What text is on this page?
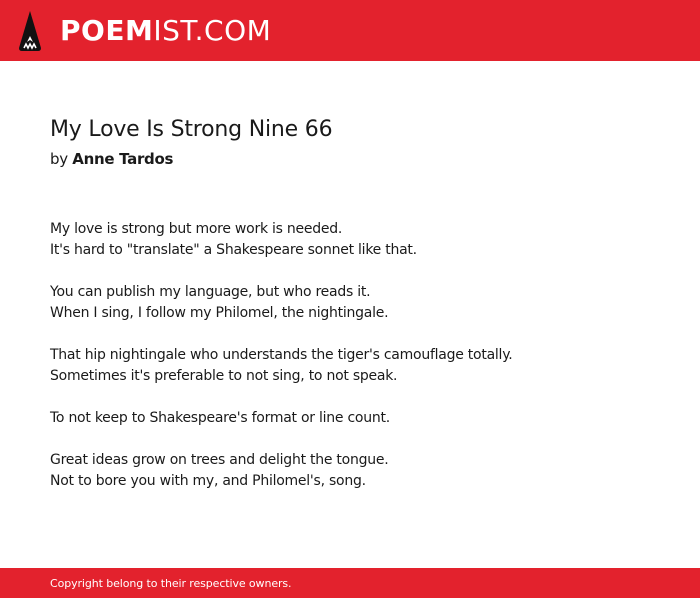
POEMIST.COM
My Love Is Strong Nine 66
by Anne Tardos
My love is strong but more work is needed.
It's hard to "translate" a Shakespeare sonnet like that.
You can publish my language, but who reads it.
When I sing, I follow my Philomel, the nightingale.
That hip nightingale who understands the tiger's camouflage totally.
Sometimes it's preferable to not sing, to not speak.
To not keep to Shakespeare's format or line count.
Great ideas grow on trees and delight the tongue.
Not to bore you with my, and Philomel's, song.
Copyright belong to their respective owners.
